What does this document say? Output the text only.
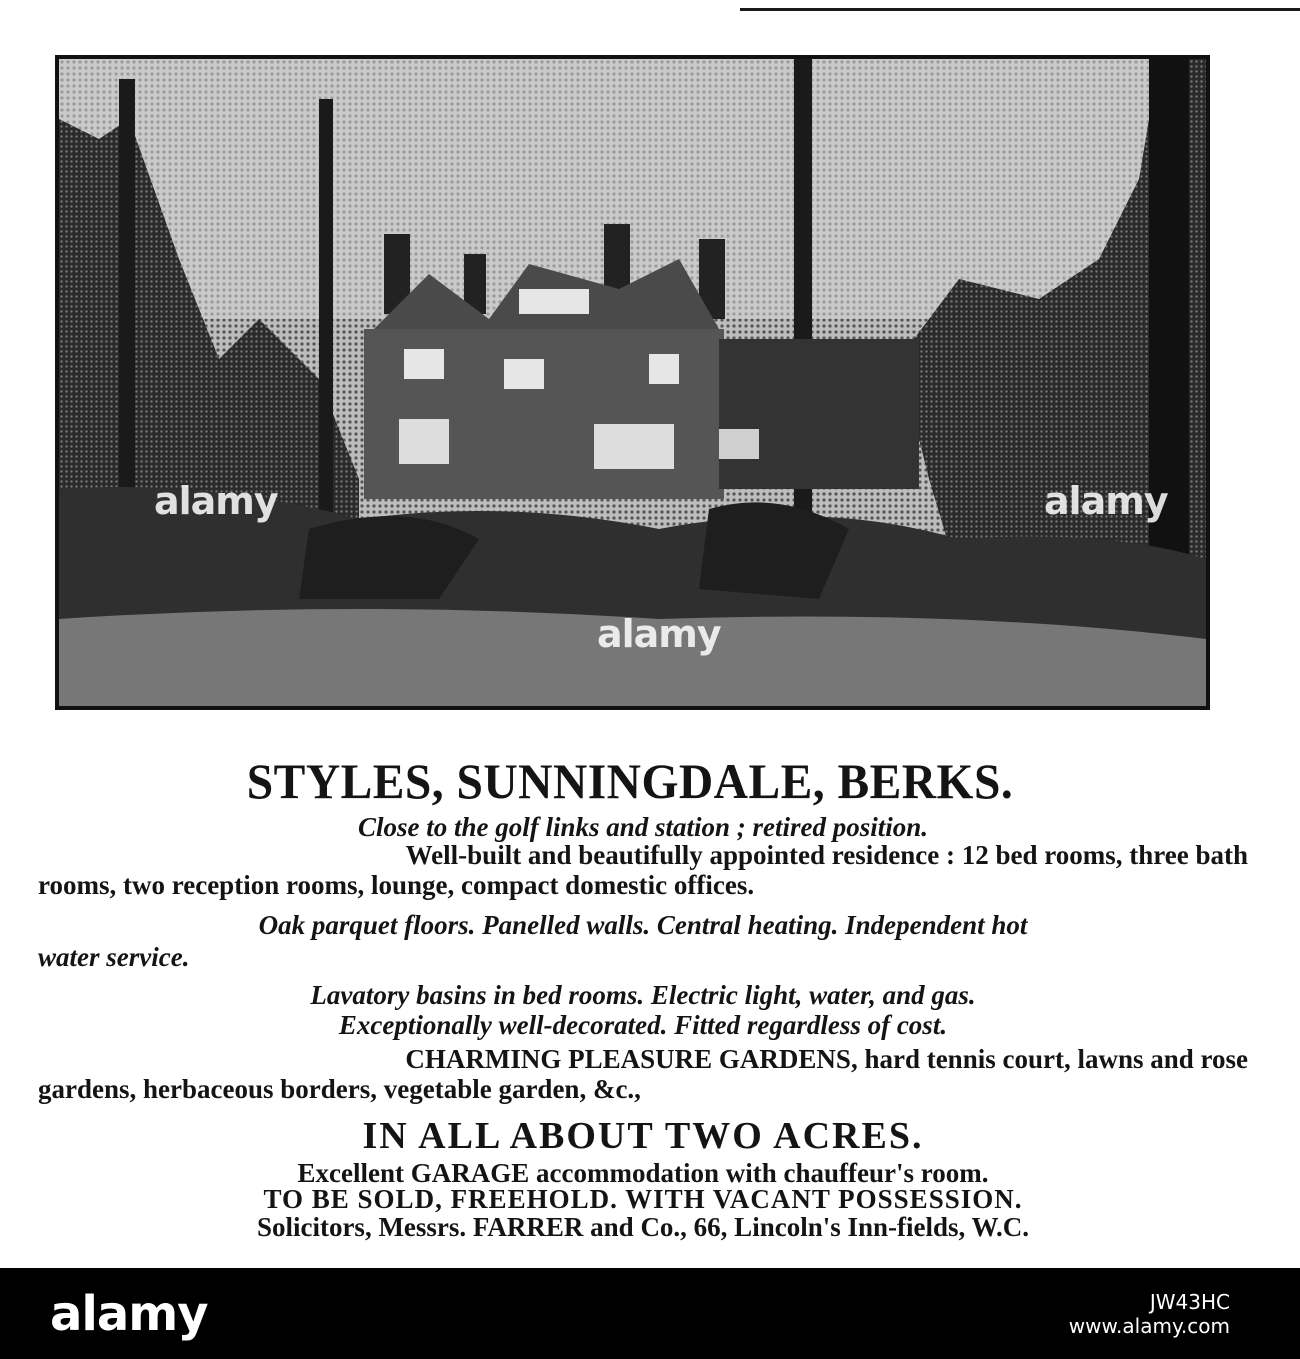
alamy
alamy
alamy
STYLES, SUNNINGDALE, BERKS.
Close to the golf links and station ; retired position.
Well-built and beautifully appointed residence : 12 bed rooms, three bath
rooms, two reception rooms, lounge, compact domestic offices.
Oak parquet floors. Panelled walls. Central heating. Independent hot
water service.
Lavatory basins in bed rooms. Electric light, water, and gas.
Exceptionally well-decorated. Fitted regardless of cost.
CHARMING PLEASURE GARDENS, hard tennis court, lawns and rose
gardens, herbaceous borders, vegetable garden, &c.,
IN ALL ABOUT TWO ACRES.
Excellent GARAGE accommodation with chauffeur's room.
TO BE SOLD, FREEHOLD. WITH VACANT POSSESSION.
Solicitors, Messrs. FARRER and Co., 66, Lincoln's Inn-fields, W.C.
alamy	JW43HC
www.alamy.com
